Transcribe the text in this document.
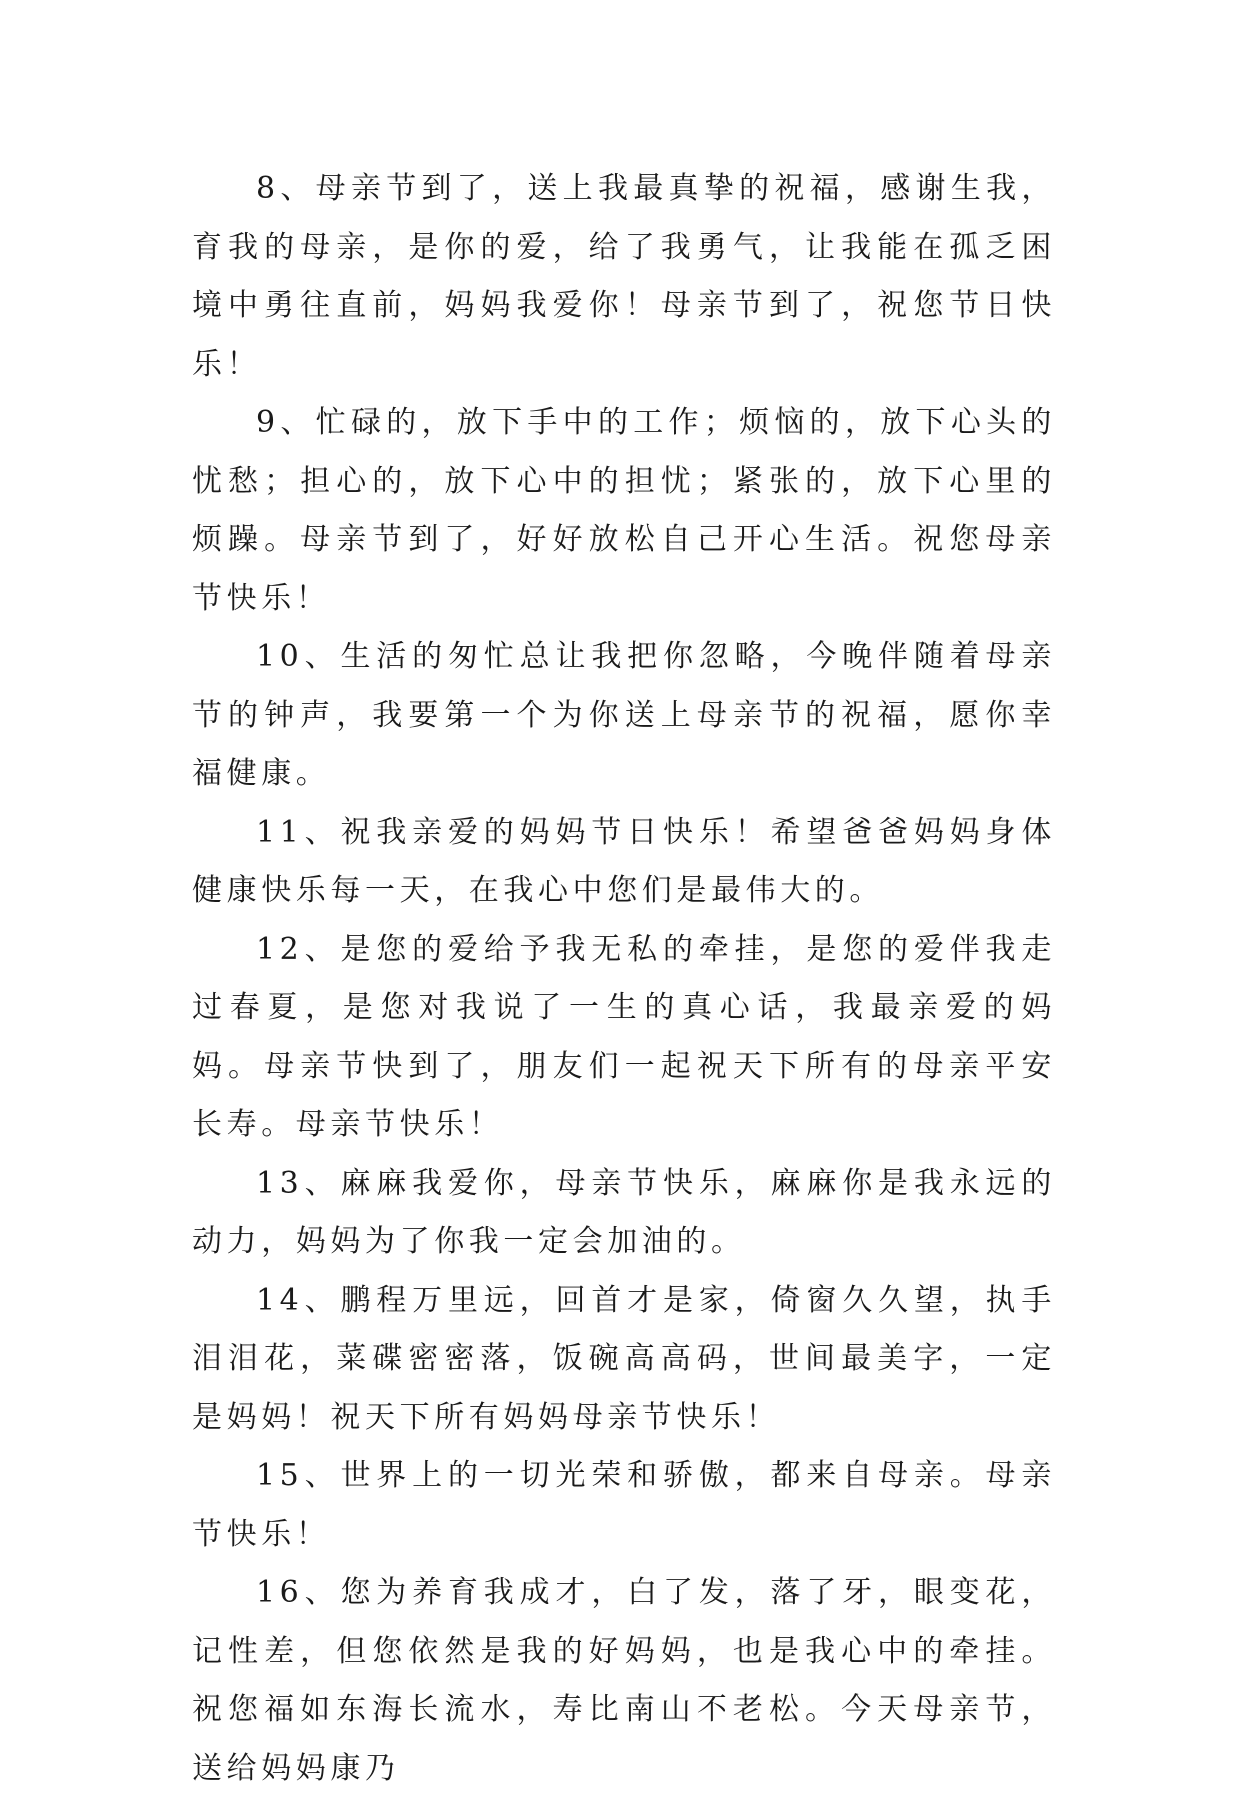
8、母亲节到了，送上我最真挚的祝福，感谢生我，育我的母亲，是你的爱，给了我勇气，让我能在孤乏困境中勇往直前，妈妈我爱你！母亲节到了，祝您节日快乐！

9、忙碌的，放下手中的工作；烦恼的，放下心头的忧愁；担心的，放下心中的担忧；紧张的，放下心里的烦躁。母亲节到了，好好放松自己开心生活。祝您母亲节快乐！

10、生活的匆忙总让我把你忽略，今晚伴随着母亲节的钟声，我要第一个为你送上母亲节的祝福，愿你幸福健康。

11、祝我亲爱的妈妈节日快乐！希望爸爸妈妈身体健康快乐每一天，在我心中您们是最伟大的。

12、是您的爱给予我无私的牵挂，是您的爱伴我走过春夏，是您对我说了一生的真心话，我最亲爱的妈妈。母亲节快到了，朋友们一起祝天下所有的母亲平安长寿。母亲节快乐！

13、麻麻我爱你，母亲节快乐，麻麻你是我永远的动力，妈妈为了你我一定会加油的。

14、鹏程万里远，回首才是家，倚窗久久望，执手泪泪花，菜碟密密落，饭碗高高码，世间最美字，一定是妈妈！祝天下所有妈妈母亲节快乐！

15、世界上的一切光荣和骄傲，都来自母亲。母亲节快乐！

16、您为养育我成才，白了发，落了牙，眼变花，记性差，但您依然是我的好妈妈，也是我心中的牵挂。祝您福如东海长流水，寿比南山不老松。今天母亲节，送给妈妈康乃
